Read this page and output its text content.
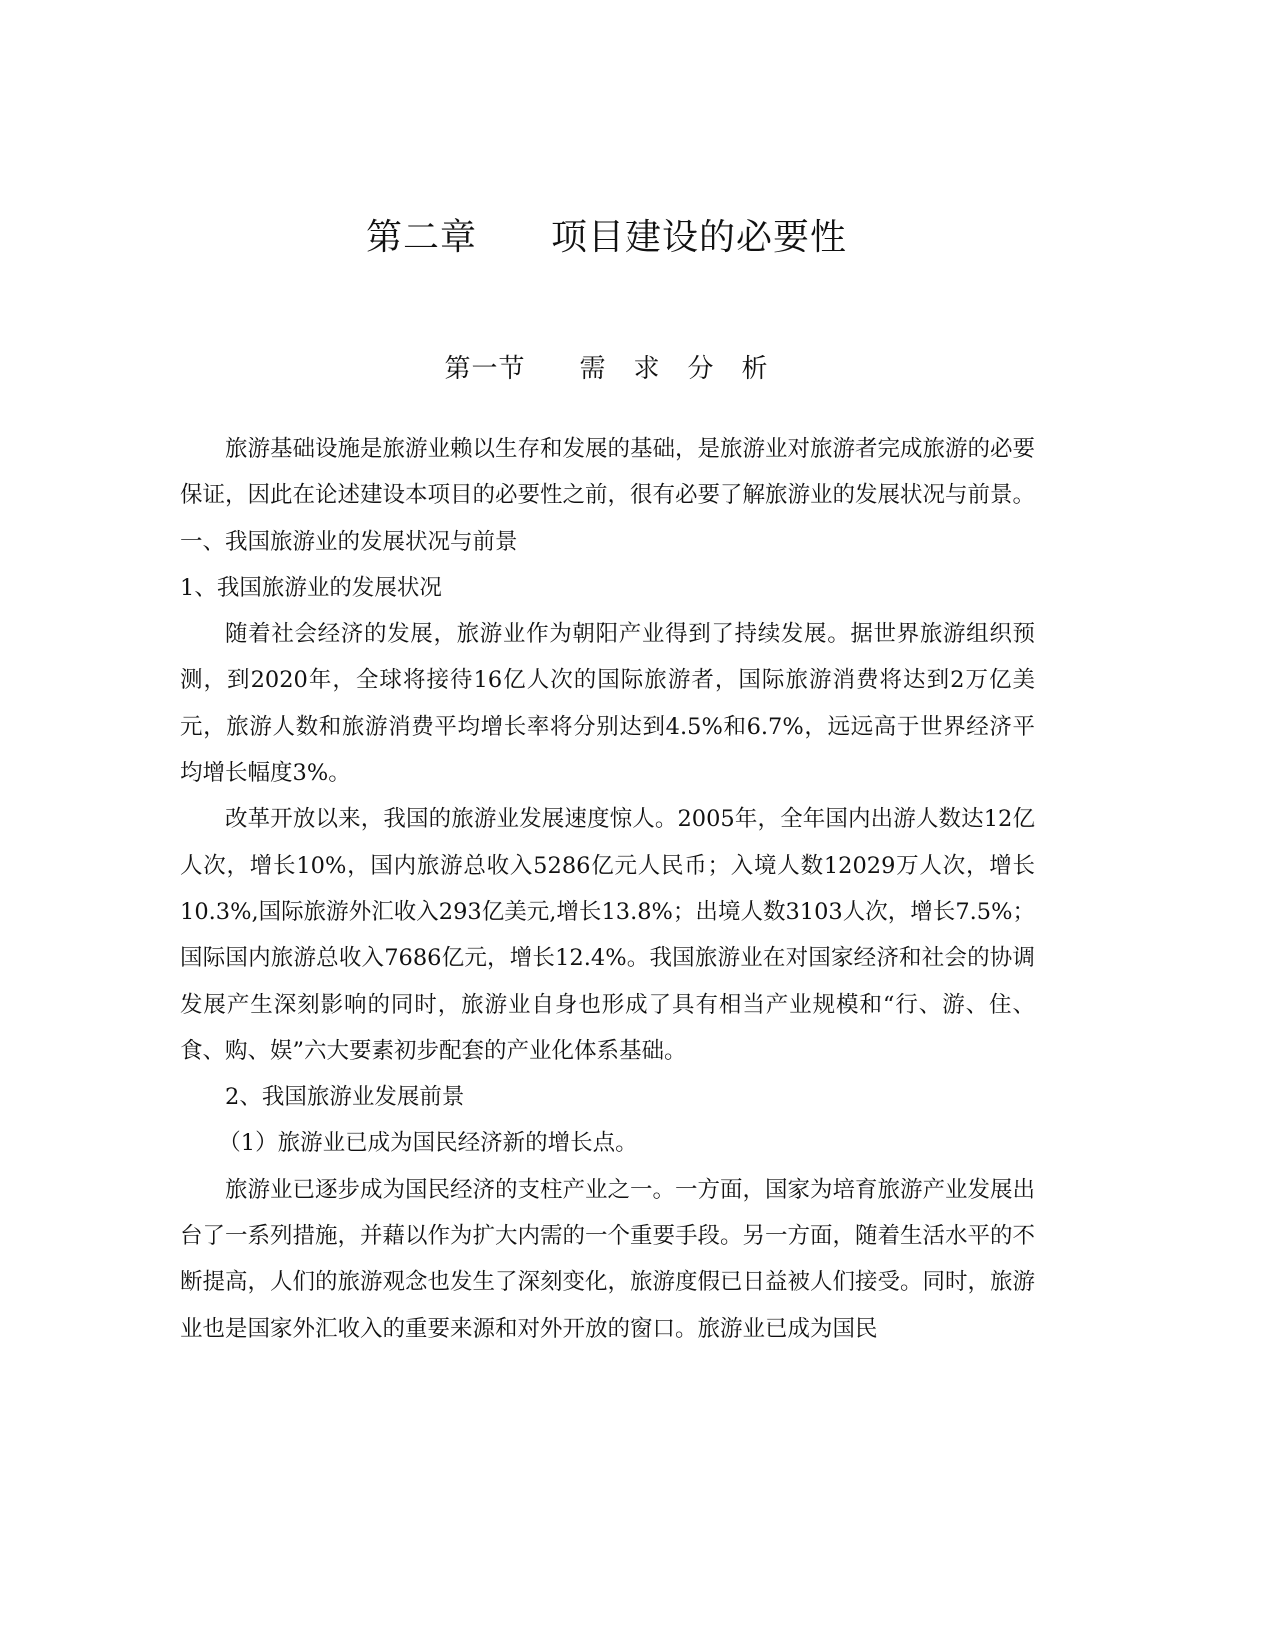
第二章　　项目建设的必要性
第一节　　需　求　分　析

旅游基础设施是旅游业赖以生存和发展的基础，是旅游业对旅游者完成旅游的必要保证，因此在论述建设本项目的必要性之前，很有必要了解旅游业的发展状况与前景。

一、我国旅游业的发展状况与前景

1、我国旅游业的发展状况

随着社会经济的发展，旅游业作为朝阳产业得到了持续发展。据世界旅游组织预测，到2020年，全球将接待16亿人次的国际旅游者，国际旅游消费将达到2万亿美元，旅游人数和旅游消费平均增长率将分别达到4.5%和6.7%，远远高于世界经济平均增长幅度3%。

改革开放以来，我国的旅游业发展速度惊人。2005年，全年国内出游人数达12亿人次，增长10%，国内旅游总收入5286亿元人民币；入境人数12029万人次，增长10.3%,国际旅游外汇收入293亿美元,增长13.8%；出境人数3103人次，增长7.5%；国际国内旅游总收入7686亿元，增长12.4%。我国旅游业在对国家经济和社会的协调发展产生深刻影响的同时，旅游业自身也形成了具有相当产业规模和“行、游、住、食、购、娱”六大要素初步配套的产业化体系基础。

2、我国旅游业发展前景

（1）旅游业已成为国民经济新的增长点。

旅游业已逐步成为国民经济的支柱产业之一。一方面，国家为培育旅游产业发展出台了一系列措施，并藉以作为扩大内需的一个重要手段。另一方面，随着生活水平的不断提高，人们的旅游观念也发生了深刻变化，旅游度假已日益被人们接受。同时，旅游业也是国家外汇收入的重要来源和对外开放的窗口。旅游业已成为国民
